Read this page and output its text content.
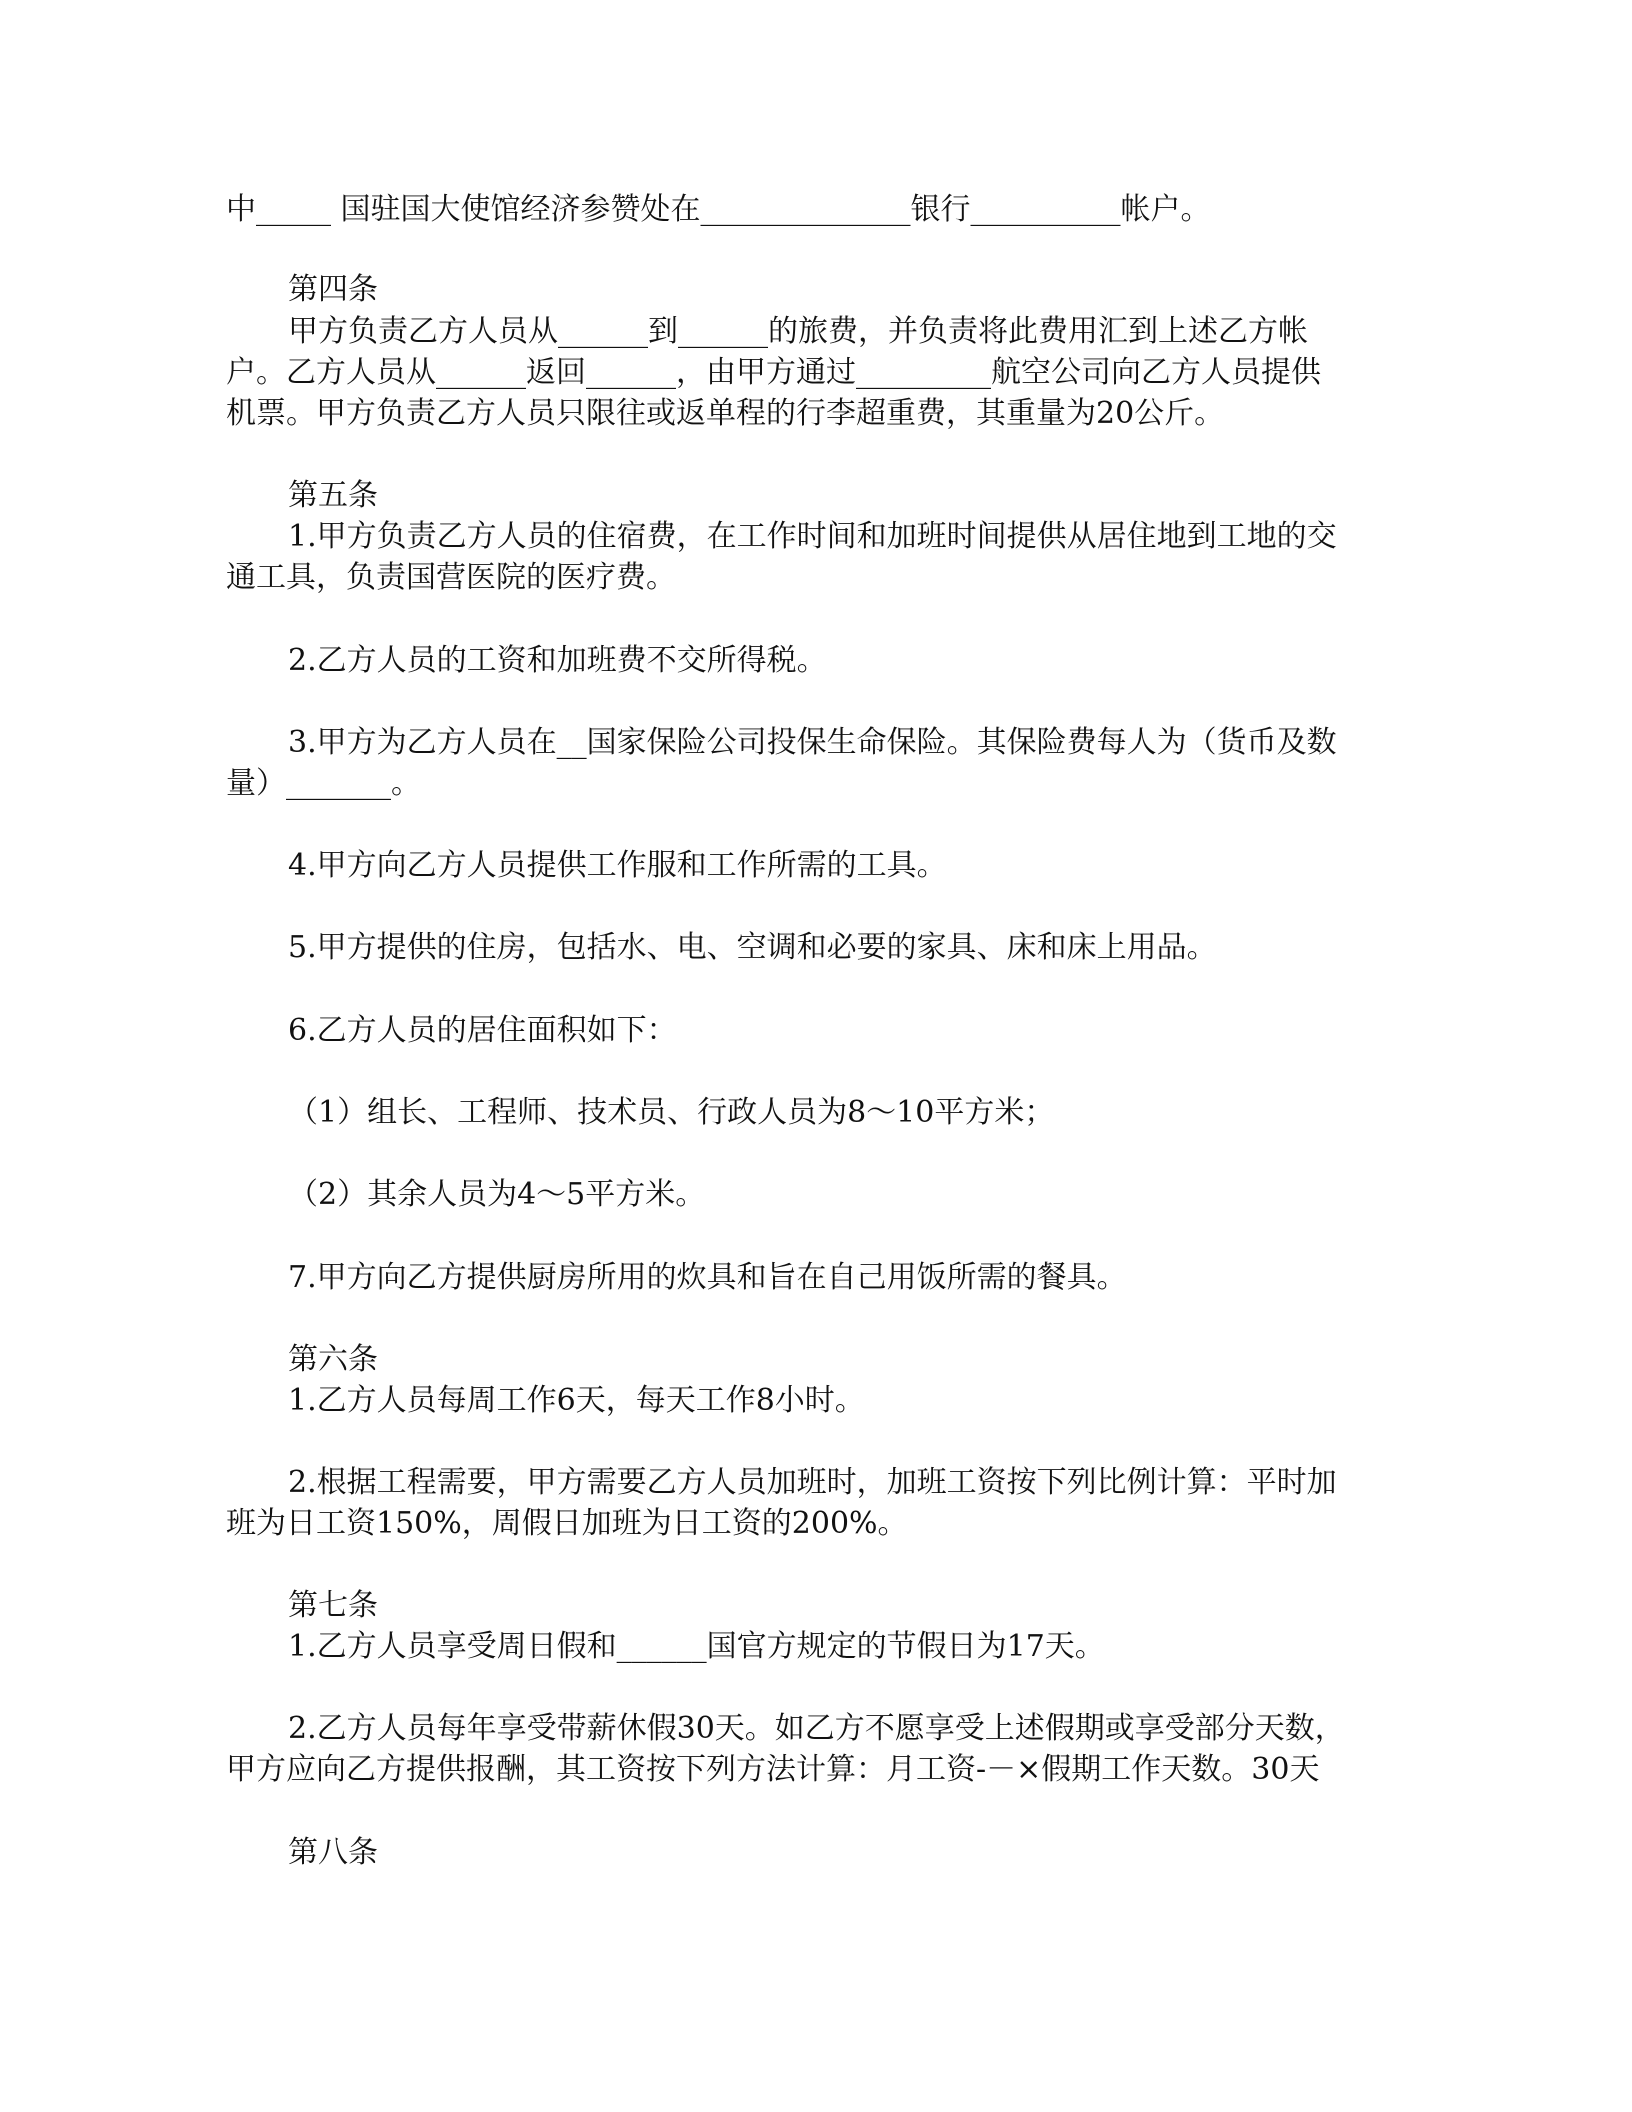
中_____ 国驻国大使馆经济参赞处在______________银行__________帐户。
第四条
甲方负责乙方人员从______到______的旅费，并负责将此费用汇到上述乙方帐
户。乙方人员从______返回______，由甲方通过_________航空公司向乙方人员提供
机票。甲方负责乙方人员只限往或返单程的行李超重费，其重量为20公斤。
第五条
1.甲方负责乙方人员的住宿费，在工作时间和加班时间提供从居住地到工地的交
通工具，负责国营医院的医疗费。
2.乙方人员的工资和加班费不交所得税。
3.甲方为乙方人员在__国家保险公司投保生命保险。其保险费每人为（货币及数
量）_______。
4.甲方向乙方人员提供工作服和工作所需的工具。
5.甲方提供的住房，包括水、电、空调和必要的家具、床和床上用品。
6.乙方人员的居住面积如下：
（1）组长、工程师、技术员、行政人员为8～10平方米；
（2）其余人员为4～5平方米。
7.甲方向乙方提供厨房所用的炊具和旨在自己用饭所需的餐具。
第六条
1.乙方人员每周工作6天，每天工作8小时。
2.根据工程需要，甲方需要乙方人员加班时，加班工资按下列比例计算：平时加
班为日工资150%，周假日加班为日工资的200%。
第七条
1.乙方人员享受周日假和______国官方规定的节假日为17天。
2.乙方人员每年享受带薪休假30天。如乙方不愿享受上述假期或享受部分天数，
甲方应向乙方提供报酬，其工资按下列方法计算：月工资-－×假期工作天数。30天
第八条
